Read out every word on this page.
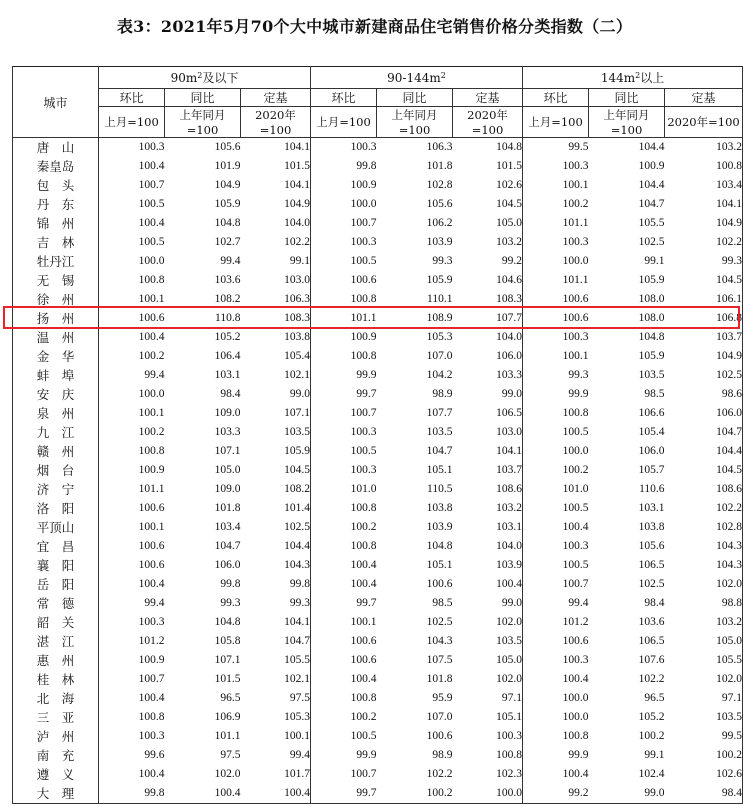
表3：2021年5月70个大中城市新建商品住宅销售价格分类指数（二）
城市	$90m^2$及以下			$90-144m^2$			$144m^2$以上		
	环比	同比	定基	环比	同比	定基	环比	同比	定基
	上月=100	上年同月=100	2020年=100	上月=100	上年同月=100	2020年=100	上月=100	上年同月=100	2020年=100
唐　山	100.3	105.6	104.1	100.3	106.3	104.8	99.5	104.4	103.2
秦皇岛	100.4	101.9	101.5	99.8	101.8	101.5	100.3	100.9	100.8
包　头	100.7	104.9	104.1	100.9	102.8	102.6	100.1	104.4	103.4
丹　东	100.5	105.9	104.9	100.0	105.6	104.5	100.2	104.7	104.1
锦　州	100.4	104.8	104.0	100.7	106.2	105.0	101.1	105.5	104.9
吉　林	100.5	102.7	102.2	100.3	103.9	103.2	100.3	102.5	102.2
牡丹江	100.0	99.4	99.1	100.5	99.3	99.2	100.0	99.1	99.3
无　锡	100.8	103.6	103.0	100.6	105.9	104.6	101.1	105.9	104.5
徐　州	100.1	108.2	106.3	100.8	110.1	108.3	100.6	108.0	106.1
扬　州	100.6	110.8	108.3	101.1	108.9	107.7	100.6	108.0	106.8
温　州	100.4	105.2	103.8	100.9	105.3	104.0	100.3	104.8	103.7
金　华	100.2	106.4	105.4	100.8	107.0	106.0	100.1	105.9	104.9
蚌　埠	99.4	103.1	102.1	99.9	104.2	103.3	99.3	103.5	102.5
安　庆	100.0	98.4	99.0	99.7	98.9	99.0	99.9	98.5	98.6
泉　州	100.1	109.0	107.1	100.7	107.7	106.5	100.8	106.6	106.0
九　江	100.2	103.3	103.5	100.3	103.5	103.0	100.5	105.4	104.7
赣　州	100.8	107.1	105.9	100.5	104.7	104.1	100.0	106.0	104.4
烟　台	100.9	105.0	104.5	100.3	105.1	103.7	100.2	105.7	104.5
济　宁	101.1	109.0	108.2	101.0	110.5	108.6	101.0	110.6	108.6
洛　阳	100.6	101.8	101.4	100.8	103.8	103.2	100.5	103.1	102.2
平顶山	100.1	103.4	102.5	100.2	103.9	103.1	100.4	103.8	102.8
宜　昌	100.6	104.7	104.4	100.8	104.8	104.0	100.3	105.6	104.3
襄　阳	100.6	106.0	104.3	100.4	105.1	103.9	100.5	106.5	104.3
岳　阳	100.4	99.8	99.8	100.4	100.6	100.4	100.7	102.5	102.0
常　德	99.4	99.3	99.3	99.7	98.5	99.0	99.4	98.4	98.8
韶　关	100.3	104.8	104.1	100.1	102.5	102.0	101.2	103.6	103.2
湛　江	101.2	105.8	104.7	100.6	104.3	103.5	100.6	106.5	105.0
惠　州	100.9	107.1	105.5	100.6	107.5	105.0	100.3	107.6	105.5
桂　林	100.7	101.5	102.1	100.4	101.8	102.0	100.4	102.2	102.0
北　海	100.4	96.5	97.5	100.8	95.9	97.1	100.0	96.5	97.1
三　亚	100.8	106.9	105.3	100.2	107.0	105.1	100.0	105.2	103.5
泸　州	100.3	101.1	100.1	100.5	100.6	100.3	100.8	100.2	99.5
南　充	99.6	97.5	99.4	99.9	98.9	100.8	99.9	99.1	100.2
遵　义	100.4	102.0	101.7	100.7	102.2	102.3	100.4	102.4	102.6
大　理	99.8	100.4	100.4	99.7	100.2	100.0	99.2	99.0	98.4
